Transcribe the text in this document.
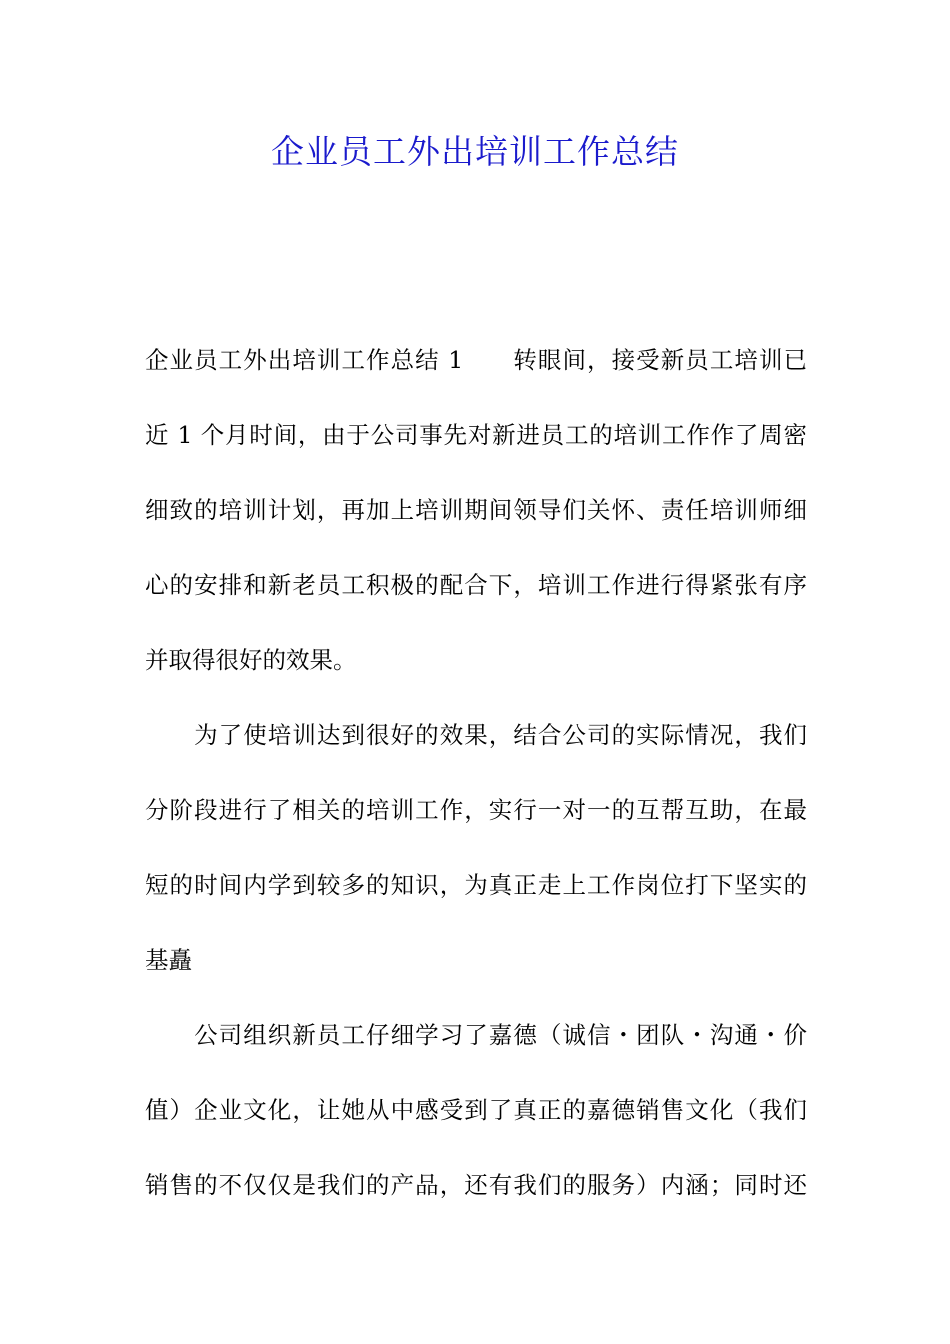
企业员工外出培训工作总结
企业员工外出培训工作总结 1　　转眼间，接受新员工培训已
近 1 个月时间，由于公司事先对新进员工的培训工作作了周密
细致的培训计划，再加上培训期间领导们关怀、责任培训师细
心的安排和新老员工积极的配合下，培训工作进行得紧张有序
并取得很好的效果。
　　为了使培训达到很好的效果，结合公司的实际情况，我们
分阶段进行了相关的培训工作，实行一对一的互帮互助，在最
短的时间内学到较多的知识，为真正走上工作岗位打下坚实的
基矗
　　公司组织新员工仔细学习了嘉德（诚信・团队・沟通・价
值）企业文化，让她从中感受到了真正的嘉德销售文化（我们
销售的不仅仅是我们的产品，还有我们的服务）内涵；同时还
